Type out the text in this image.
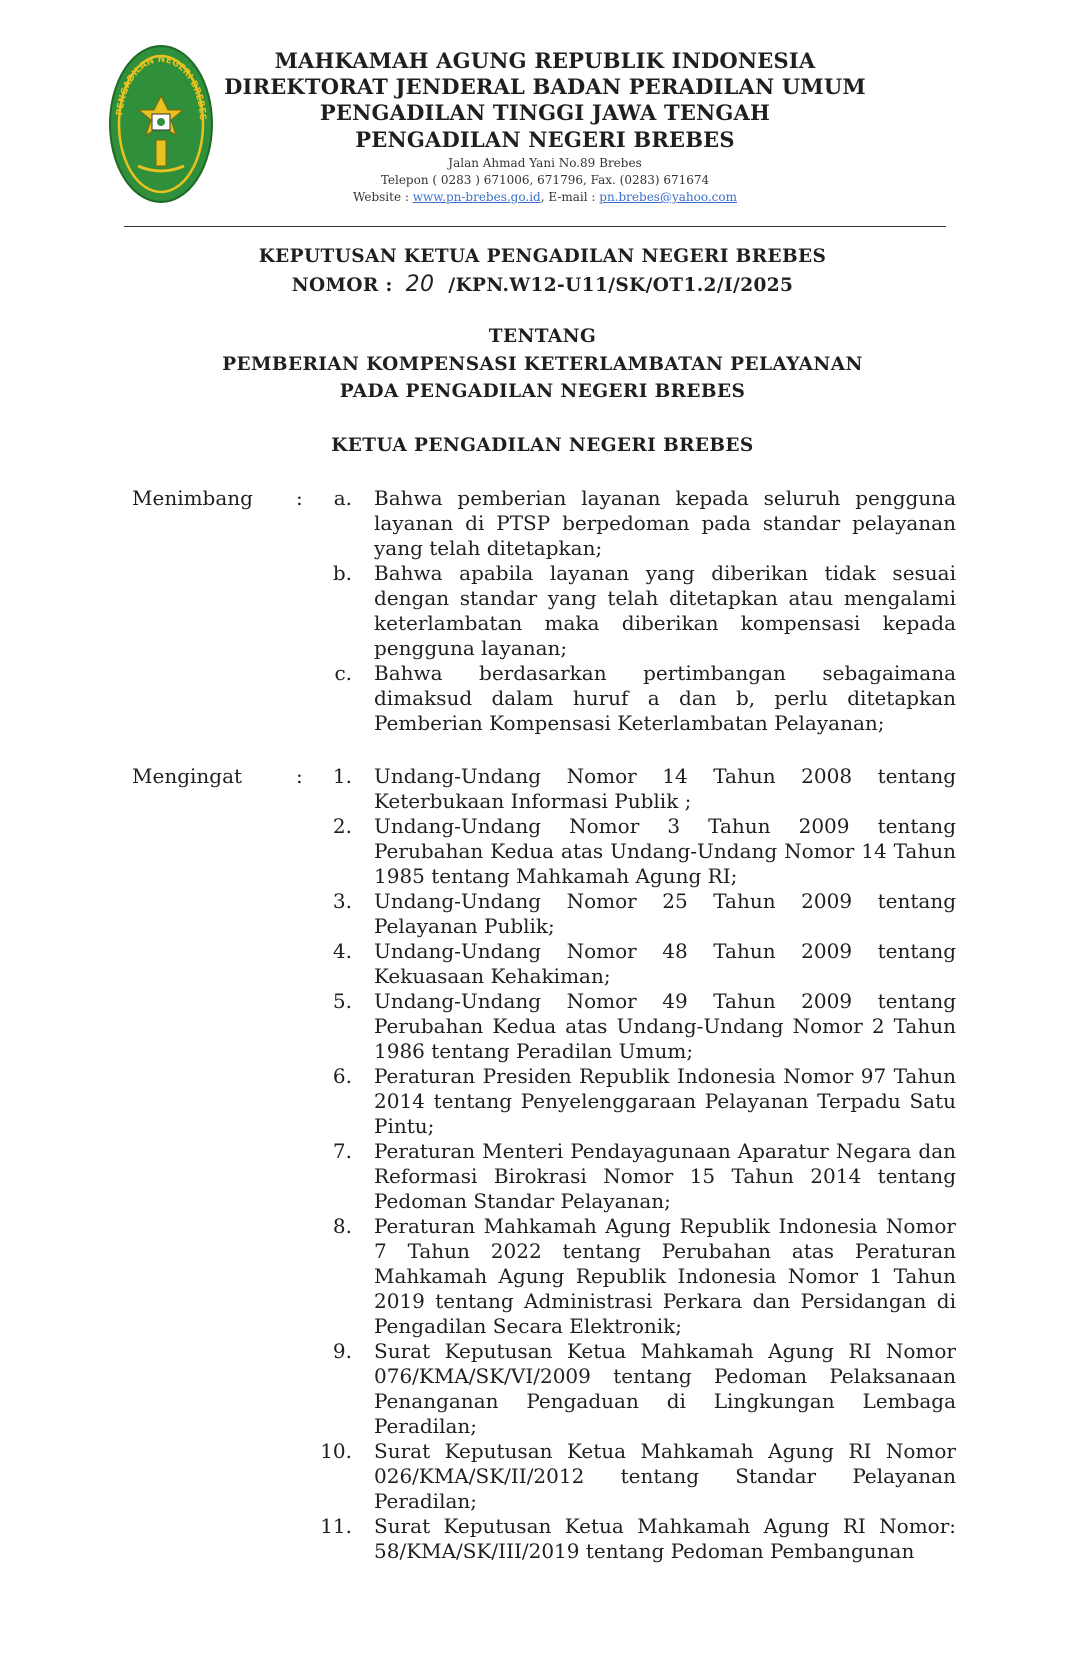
PENGADILAN NEGERI BREBES
MAHKAMAH AGUNG REPUBLIK INDONESIA
DIREKTORAT JENDERAL BADAN PERADILAN UMUM
PENGADILAN TINGGI JAWA TENGAH
PENGADILAN NEGERI BREBES
Jalan Ahmad Yani No.89 Brebes
Telepon ( 0283 ) 671006, 671796, Fax. (0283) 671674
Website : www.pn-brebes.go.id, E-mail : pn.brebes@yahoo.com
KEPUTUSAN KETUA PENGADILAN NEGERI BREBES
NOMOR : 20 /KPN.W12-U11/SK/OT1.2/I/2025
TENTANG
PEMBERIAN KOMPENSASI KETERLAMBATAN PELAYANAN
PADA PENGADILAN NEGERI BREBES
KETUA PENGADILAN NEGERI BREBES
Menimbang :	a. Bahwa pemberian layanan kepada seluruh pengguna layanan di PTSP berpedoman pada standar pelayanan yang telah ditetapkan;
b. Bahwa apabila layanan yang diberikan tidak sesuai dengan standar yang telah ditetapkan atau mengalami keterlambatan maka diberikan kompensasi kepada pengguna layanan;
c. Bahwa berdasarkan pertimbangan sebagaimana dimaksud dalam huruf a dan b, perlu ditetapkan Pemberian Kompensasi Keterlambatan Pelayanan;
Mengingat	:	1. Undang-Undang Nomor 14 Tahun 2008 tentang Keterbukaan Informasi Publik ;
2. Undang-Undang Nomor 3 Tahun 2009 tentang Perubahan Kedua atas Undang-Undang Nomor 14 Tahun 1985 tentang Mahkamah Agung RI;
3. Undang-Undang Nomor 25 Tahun 2009 tentang Pelayanan Publik;
4. Undang-Undang Nomor 48 Tahun 2009 tentang Kekuasaan Kehakiman;
5. Undang-Undang Nomor 49 Tahun 2009 tentang Perubahan Kedua atas Undang-Undang Nomor 2 Tahun 1986 tentang Peradilan Umum;
6. Peraturan Presiden Republik Indonesia Nomor 97 Tahun 2014 tentang Penyelenggaraan Pelayanan Terpadu Satu Pintu;
7. Peraturan Menteri Pendayagunaan Aparatur Negara dan Reformasi Birokrasi Nomor 15 Tahun 2014 tentang Pedoman Standar Pelayanan;
8. Peraturan Mahkamah Agung Republik Indonesia Nomor 7 Tahun 2022 tentang Perubahan atas Peraturan Mahkamah Agung Republik Indonesia Nomor 1 Tahun 2019 tentang Administrasi Perkara dan Persidangan di Pengadilan Secara Elektronik;
9. Surat Keputusan Ketua Mahkamah Agung RI Nomor 076/KMA/SK/VI/2009 tentang Pedoman Pelaksanaan Penanganan Pengaduan di Lingkungan Lembaga Peradilan;
10. Surat Keputusan Ketua Mahkamah Agung RI Nomor 026/KMA/SK/II/2012 tentang Standar Pelayanan Peradilan;
11. Surat Keputusan Ketua Mahkamah Agung RI Nomor: 58/KMA/SK/III/2019 tentang Pedoman Pembangunan
